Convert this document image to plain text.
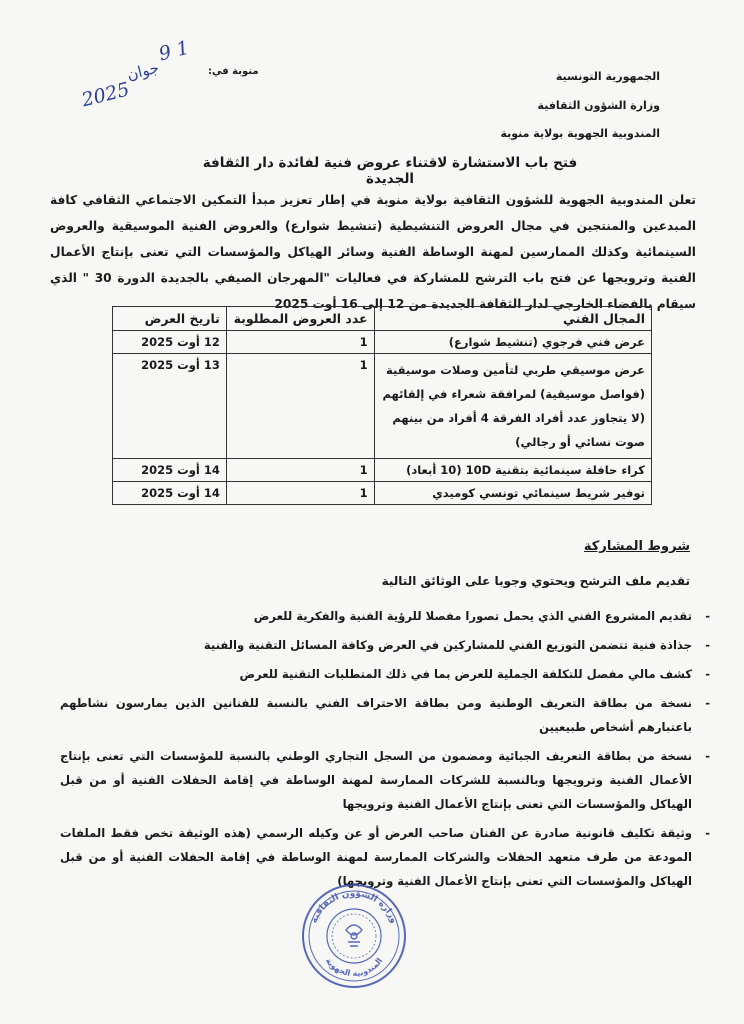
الجمهورية التونسية
وزارة الشؤون الثقافية
المندوبية الجهوية بولاية منوبة
منوبة في:
2025
جوان
9 1
فتح باب الاستشارة لاقتناء عروض فنية لفائدة دار الثقافة الجديدة
تعلن المندوبية الجهوية للشؤون الثقافية بولاية منوبة في إطار تعزيز مبدأ التمكين الاجتماعي الثقافي كافة المبدعين والمنتجين في مجال العروض التنشيطية (تنشيط شوارع) والعروض الفنية الموسيقية والعروض السينمائية وكذلك الممارسين لمهنة الوساطة الفنية وسائر الهياكل والمؤسسات التي تعنى بإنتاج الأعمال الفنية وترويجها عن فتح باب الترشح للمشاركة في فعاليات "المهرجان الصيفي بالجديدة الدورة 30 " الذي سيقام بالفضاء الخارجي لدار الثقافة الجديدة من 12 إلى 16 أوت 2025
المجال الفني	عدد العروض المطلوبة	تاريخ العرض
عرض فني فرجوي (تنشيط شوارع)	1	12 أوت 2025
عرض موسيقي طربي لتأمين وصلات موسيقية (فواصل موسيقية) لمرافقة شعراء في إلقائهم (لا يتجاوز عدد أفراد الفرقة 4 أفراد من بينهم صوت نسائي أو رجالي)	1	13 أوت 2025
كراء حافلة سينمائية بتقنية 10D (10 أبعاد)	1	14 أوت 2025
توفير شريط سينمائي تونسي كوميدي	1	14 أوت 2025
شروط المشاركة
تقديم ملف الترشح ويحتوي وجوبا على الوثائق التالية
- تقديم المشروع الفني الذي يحمل تصورا مفصلا للرؤية الفنية والفكرية للعرض
- جذاذة فنية تتضمن التوزيع الفني للمشاركين في العرض وكافة المسائل التقنية والفنية
- كشف مالي مفصل للتكلفة الجملية للعرض بما في ذلك المتطلبات التقنية للعرض
- نسخة من بطاقة التعريف الوطنية ومن بطاقة الاحتراف الفني بالنسبة للفنانين الذين يمارسون نشاطهم باعتبارهم أشخاص طبيعيين
- نسخة من بطاقة التعريف الجبائية ومضمون من السجل التجاري الوطني بالنسبة للمؤسسات التي تعنى بإنتاج الأعمال الفنية وترويجها وبالنسبة للشركات الممارسة لمهنة الوساطة في إقامة الحفلات الفنية أو من قبل الهياكل والمؤسسات التي تعنى بإنتاج الأعمال الفنية وترويجها
- وثيقة تكليف قانونية صادرة عن الفنان صاحب العرض أو عن وكيله الرسمي (هذه الوثيقة تخص فقط الملفات المودعة من طرف متعهد الحفلات والشركات الممارسة لمهنة الوساطة في إقامة الحفلات الفنية أو من قبل الهياكل والمؤسسات التي تعنى بإنتاج الأعمال الفنية وترويجها)
وزارة الشؤون الثقافية
المندوبية الجهوية
